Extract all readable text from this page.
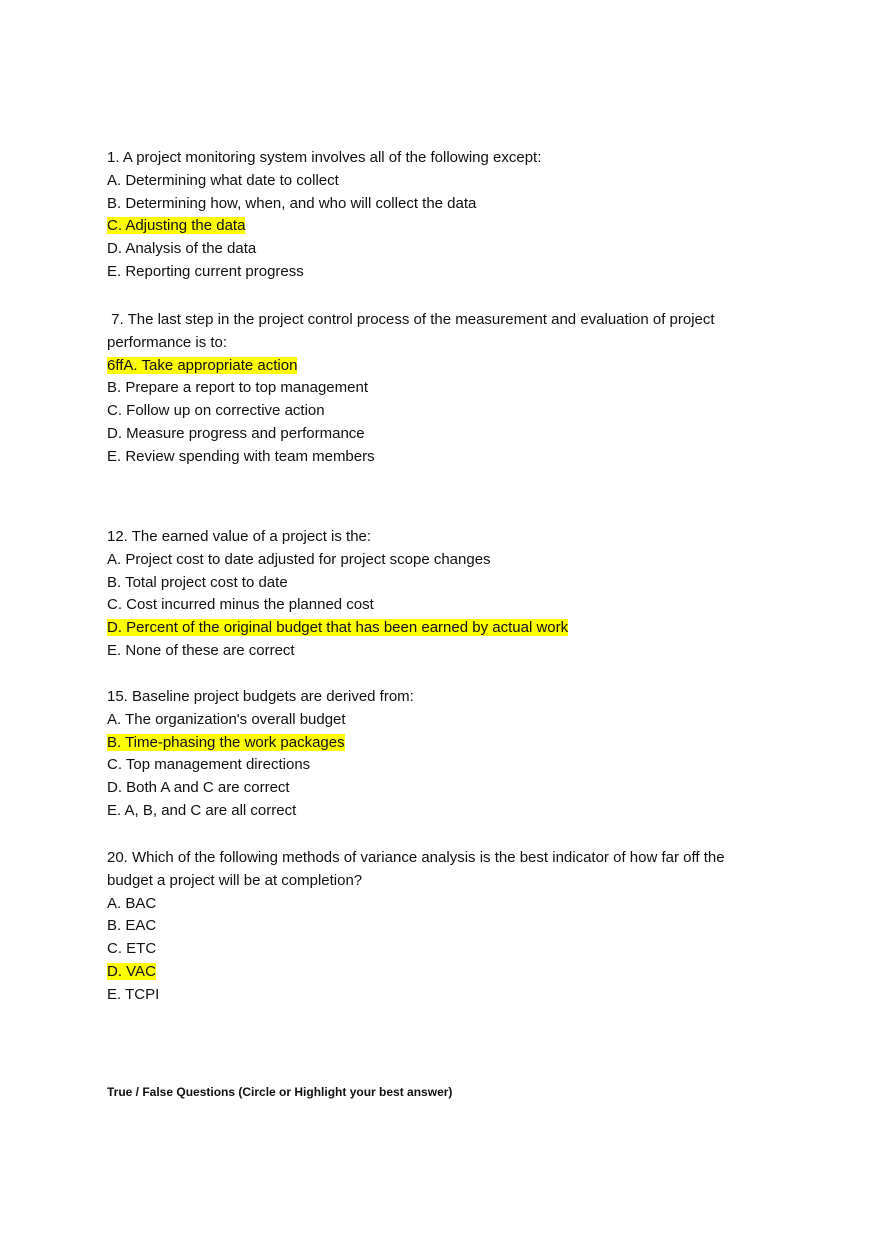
1. A project monitoring system involves all of the following except:
A. Determining what date to collect
B. Determining how, when, and who will collect the data
C. Adjusting the data
D. Analysis of the data
E. Reporting current progress
7. The last step in the project control process of the measurement and evaluation of project performance is to:
6ffA. Take appropriate action
B. Prepare a report to top management
C. Follow up on corrective action
D. Measure progress and performance
E. Review spending with team members
12. The earned value of a project is the:
A. Project cost to date adjusted for project scope changes
B. Total project cost to date
C. Cost incurred minus the planned cost
D. Percent of the original budget that has been earned by actual work
E. None of these are correct
15. Baseline project budgets are derived from:
A. The organization's overall budget
B. Time-phasing the work packages
C. Top management directions
D. Both A and C are correct
E. A, B, and C are all correct
20. Which of the following methods of variance analysis is the best indicator of how far off the budget a project will be at completion?
A. BAC
B. EAC
C. ETC
D. VAC
E. TCPI
True / False Questions (Circle or Highlight your best answer)
